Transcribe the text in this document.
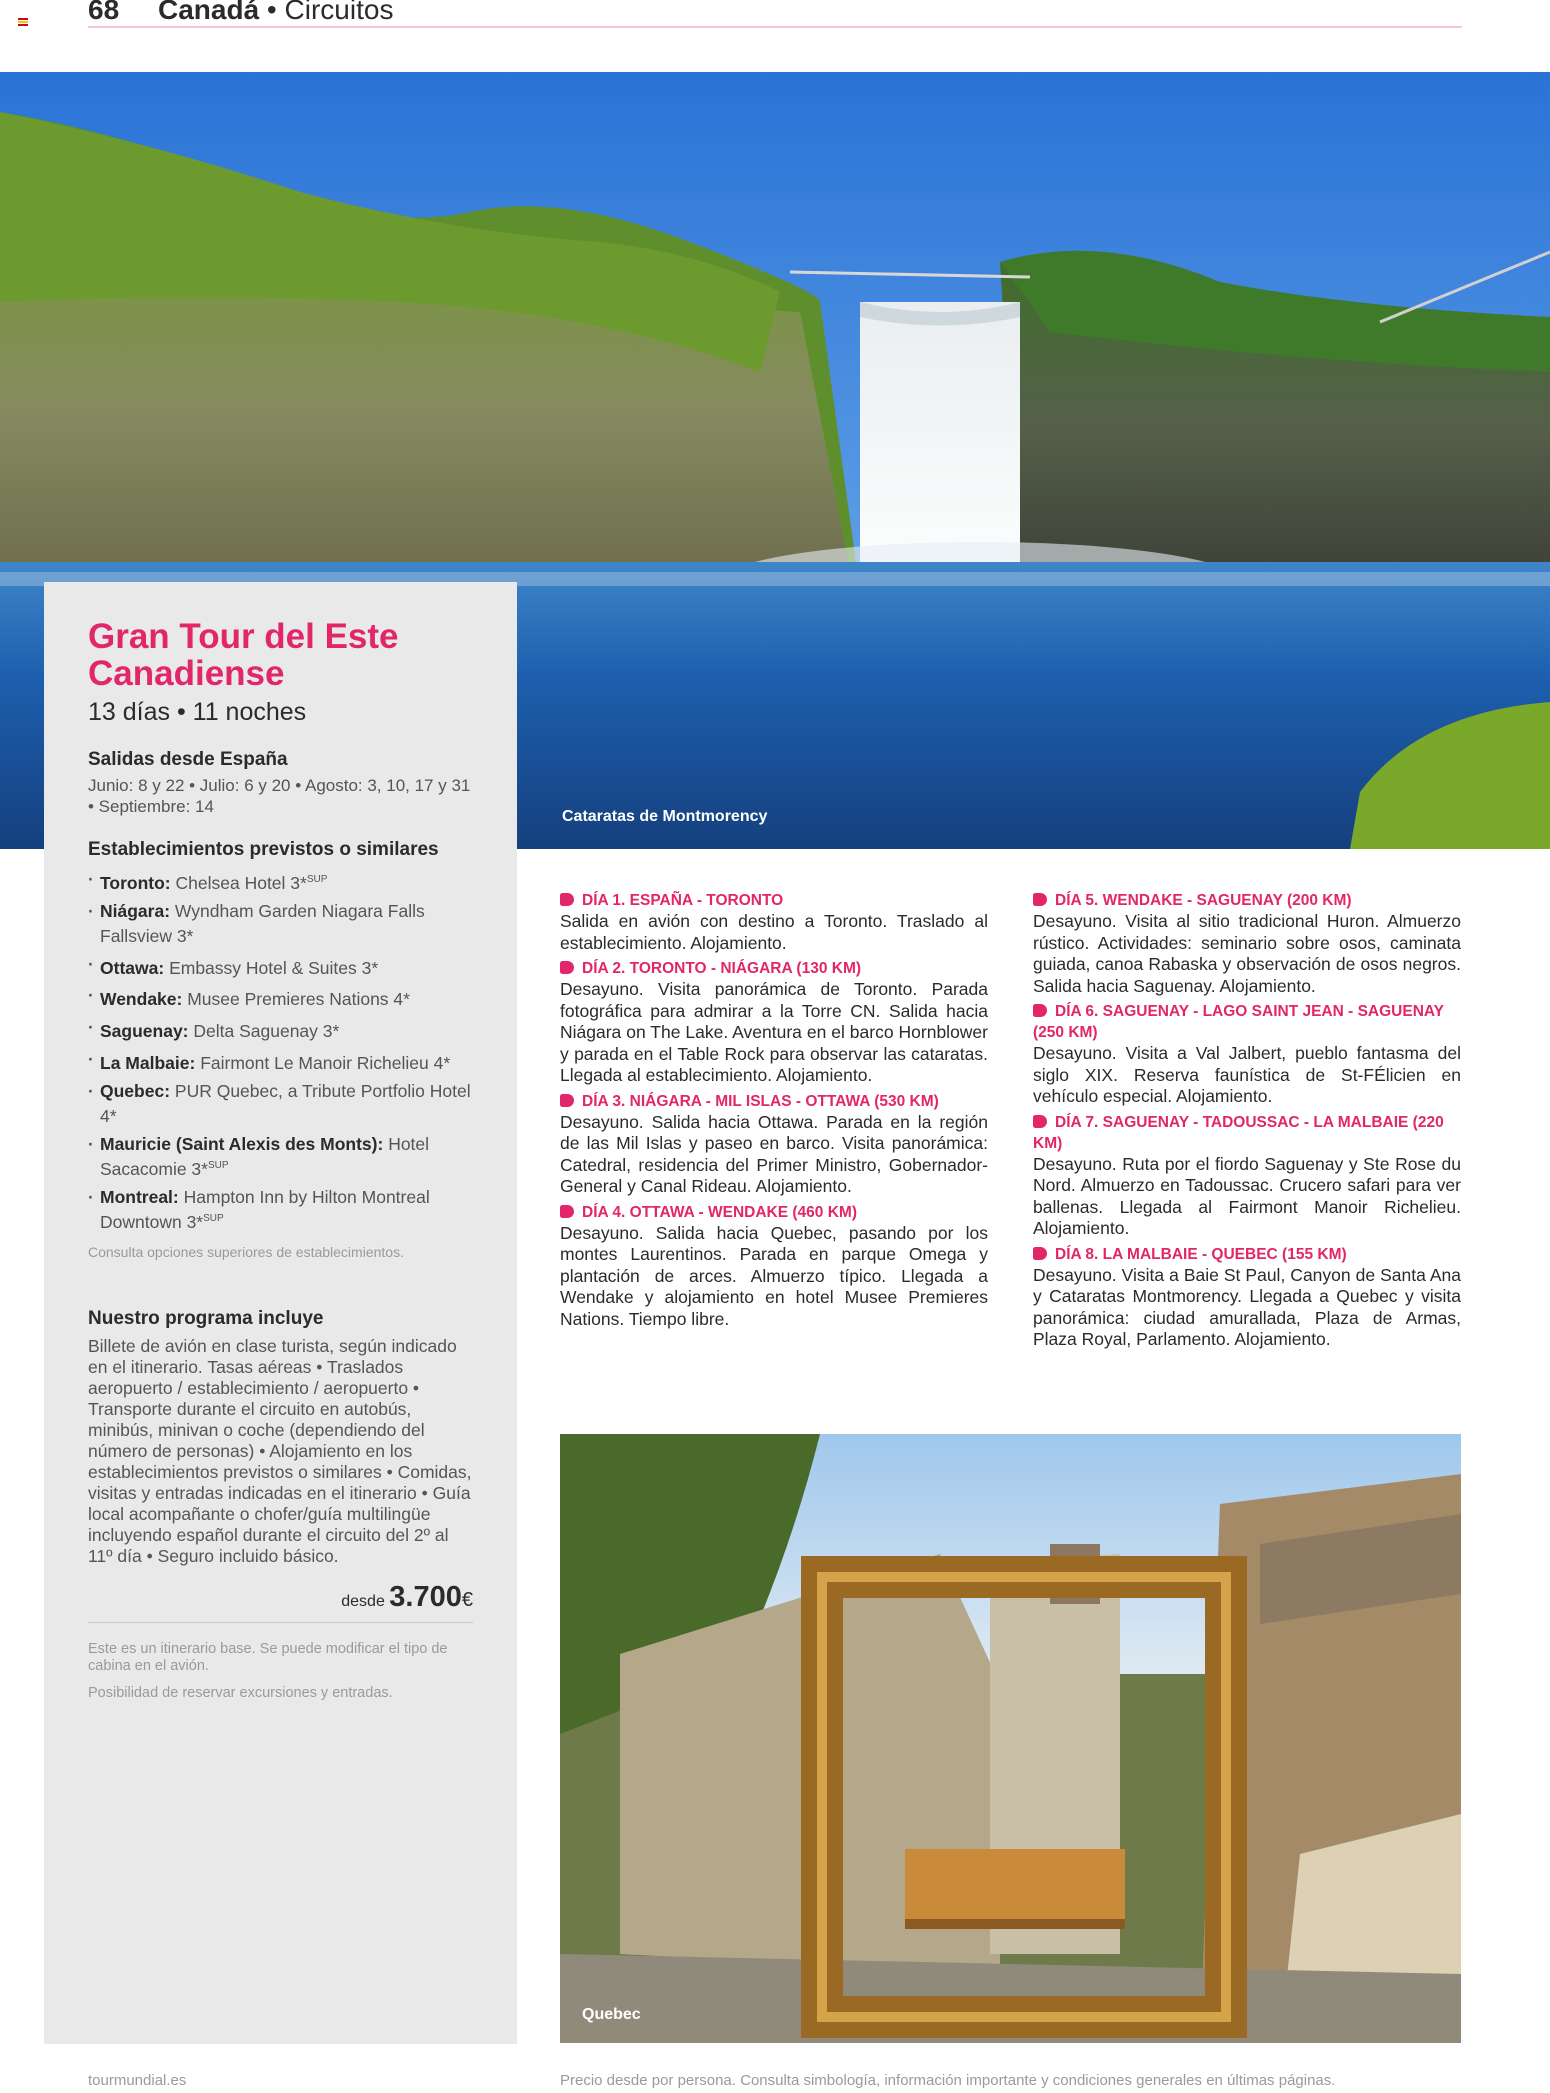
68 Canadá • Circuitos
Cataratas de Montmorency
Gran Tour del Este Canadiense
13 días • 11 noches
Salidas desde España
Junio: 8 y 22 • Julio: 6 y 20 • Agosto: 3, 10, 17 y 31 • Septiembre: 14
Establecimientos previstos o similares
· Toronto: Chelsea Hotel 3*$^{SUP}$
· Niágara: Wyndham Garden Niagara Falls Fallsview 3*
· Ottawa: Embassy Hotel & Suites 3*
· Wendake: Musee Premieres Nations 4*
· Saguenay: Delta Saguenay 3*
· La Malbaie: Fairmont Le Manoir Richelieu 4*
· Quebec: PUR Quebec, a Tribute Portfolio Hotel 4*
· Mauricie (Saint Alexis des Monts): Hotel Sacacomie 3*$^{SUP}$
· Montreal: Hampton Inn by Hilton Montreal Downtown 3*$^{SUP}$
Consulta opciones superiores de establecimientos.
Nuestro programa incluye
Billete de avión en clase turista, según indicado en el itinerario. Tasas aéreas • Traslados aeropuerto / establecimiento / aeropuerto • Transporte durante el circuito en autobús, minibús, minivan o coche (dependiendo del número de personas) • Alojamiento en los establecimientos previstos o similares • Comidas, visitas y entradas indicadas en el itinerario • Guía local acompañante o chofer/guía multilingüe incluyendo español durante el circuito del 2º al 11º día • Seguro incluido básico.
desde 3.700€
Este es un itinerario base. Se puede modificar el tipo de cabina en el avión.
Posibilidad de reservar excursiones y entradas.
DÍA 1. ESPAÑA - TORONTO
Salida en avión con destino a Toronto. Traslado al establecimiento. Alojamiento.
DÍA 2. TORONTO - NIÁGARA (130 KM)
Desayuno. Visita panorámica de Toronto. Parada fotográfica para admirar a la Torre CN. Salida hacia Niágara on The Lake. Aventura en el barco Hornblower y parada en el Table Rock para observar las cataratas. Llegada al establecimiento. Alojamiento.
DÍA 3. NIÁGARA - MIL ISLAS - OTTAWA (530 KM)
Desayuno. Salida hacia Ottawa. Parada en la región de las Mil Islas y paseo en barco. Visita panorámica: Catedral, residencia del Primer Ministro, Gobernador-General y Canal Rideau. Alojamiento.
DÍA 4. OTTAWA - WENDAKE (460 KM)
Desayuno. Salida hacia Quebec, pasando por los montes Laurentinos. Parada en parque Omega y plantación de arces. Almuerzo típico. Llegada a Wendake y alojamiento en hotel Musee Premieres Nations. Tiempo libre.
DÍA 5. WENDAKE - SAGUENAY (200 KM)
Desayuno. Visita al sitio tradicional Huron. Almuerzo rústico. Actividades: seminario sobre osos, caminata guiada, canoa Rabaska y observación de osos negros. Salida hacia Saguenay. Alojamiento.
DÍA 6. SAGUENAY - LAGO SAINT JEAN - SAGUENAY (250 KM)
Desayuno. Visita a Val Jalbert, pueblo fantasma del siglo XIX. Reserva faunística de St-FÉlicien en vehículo especial. Alojamiento.
DÍA 7. SAGUENAY - TADOUSSAC - LA MALBAIE (220 KM)
Desayuno. Ruta por el fiordo Saguenay y Ste Rose du Nord. Almuerzo en Tadoussac. Crucero safari para ver ballenas. Llegada al Fairmont Manoir Richelieu. Alojamiento.
DÍA 8. LA MALBAIE - QUEBEC (155 KM)
Desayuno. Visita a Baie St Paul, Canyon de Santa Ana y Cataratas Montmorency. Llegada a Quebec y visita panorámica: ciudad amurallada, Plaza de Armas, Plaza Royal, Parlamento. Alojamiento.
Quebec
tourmundial.es	Precio desde por persona. Consulta simbología, información importante y condiciones generales en últimas páginas.
